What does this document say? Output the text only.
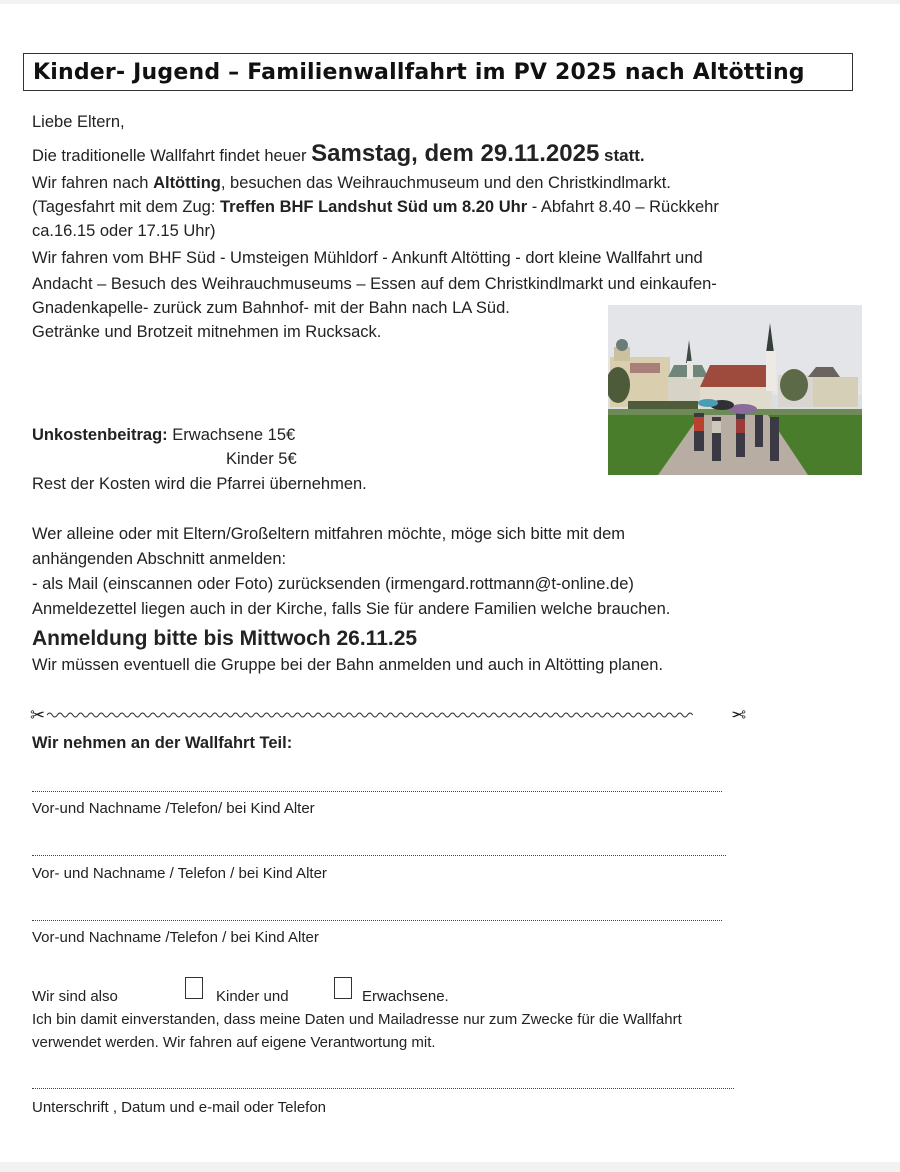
Kinder- Jugend – Familienwallfahrt im PV 2025 nach Altötting
Liebe Eltern,
Die traditionelle Wallfahrt findet heuer Samstag, dem 29.11.2025 statt.
Wir fahren nach Altötting, besuchen das Weihrauchmuseum und den Christkindlmarkt.
(Tagesfahrt mit dem Zug: Treffen BHF Landshut Süd um 8.20 Uhr - Abfahrt 8.40 – Rückkehr
ca.16.15 oder 17.15 Uhr)
Wir fahren vom BHF Süd - Umsteigen Mühldorf - Ankunft Altötting - dort kleine Wallfahrt und
Andacht – Besuch des Weihrauchmuseums – Essen auf dem Christkindlmarkt und einkaufen-
Gnadenkapelle- zurück zum Bahnhof- mit der Bahn nach LA Süd.
Getränke und Brotzeit mitnehmen im Rucksack.
Unkostenbeitrag: Erwachsene 15€
Kinder 5€
Rest der Kosten wird die Pfarrei übernehmen.
Wer alleine oder mit Eltern/Großeltern mitfahren möchte, möge sich bitte mit dem
anhängenden Abschnitt anmelden:
- als Mail (einscannen oder Foto) zurücksenden (irmengard.rottmann@t-online.de)
Anmeldezettel liegen auch in der Kirche, falls Sie für andere Familien welche brauchen.
Anmeldung bitte bis Mittwoch 26.11.25
Wir müssen eventuell die Gruppe bei der Bahn anmelden und auch in Altötting planen.
✂	✂
Wir nehmen an der Wallfahrt Teil:
Vor-und Nachname /Telefon/ bei Kind Alter
Vor- und Nachname / Telefon / bei Kind Alter
Vor-und Nachname /Telefon / bei Kind Alter
Wir sind also	Kinder und	Erwachsene.
Ich bin damit einverstanden, dass meine Daten und Mailadresse nur zum Zwecke für die Wallfahrt
verwendet werden. Wir fahren auf eigene Verantwortung mit.
Unterschrift , Datum und e-mail oder Telefon
